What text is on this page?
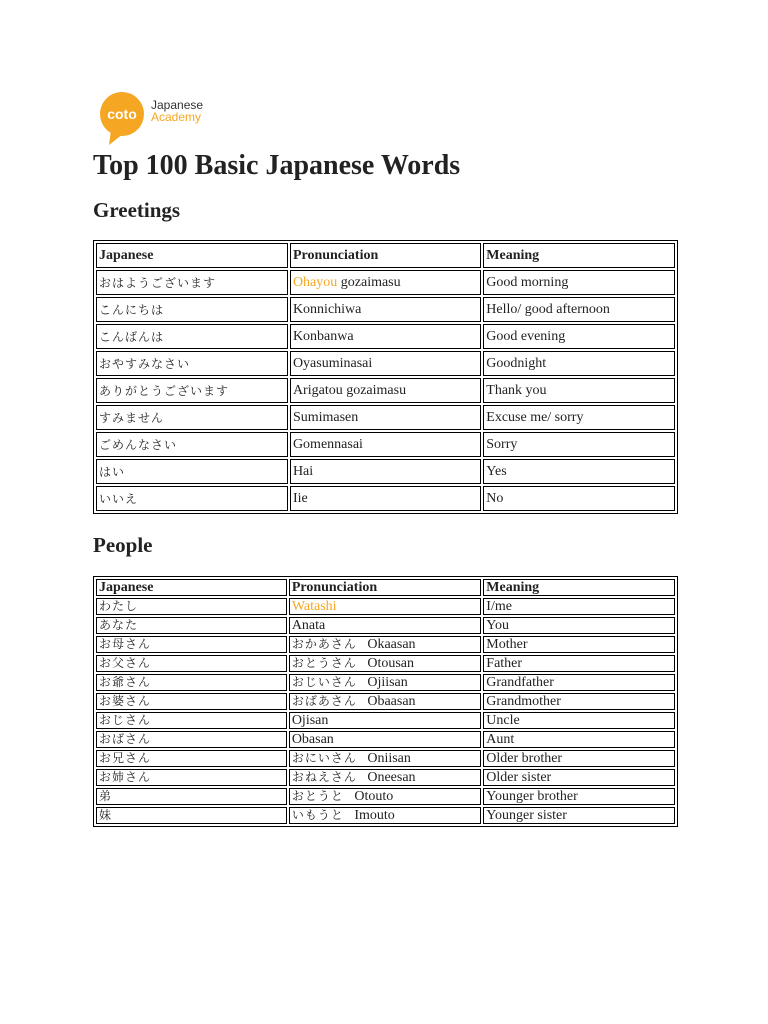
coto
Japanese
Academy
Top 100 Basic Japanese Words
Greetings
Japanese	Pronunciation	Meaning
おはようございます	Ohayou gozaimasu	Good morning
こんにちは	Konnichiwa	Hello/ good afternoon
こんばんは	Konbanwa	Good evening
おやすみなさい	Oyasuminasai	Goodnight
ありがとうございます	Arigatou gozaimasu	Thank you
すみません	Sumimasen	Excuse me/ sorry
ごめんなさい	Gomennasai	Sorry
はい	Hai	Yes
いいえ	Iie	No
People
Japanese	Pronunciation	Meaning
わたし	Watashi	I/me
あなた	Anata	You
お母さん	おかあさん Okaasan	Mother
お父さん	おとうさん Otousan	Father
お爺さん	おじいさん Ojiisan	Grandfather
お婆さん	おばあさん Obaasan	Grandmother
おじさん	Ojisan	Uncle
おばさん	Obasan	Aunt
お兄さん	おにいさん Oniisan	Older brother
お姉さん	おねえさん Oneesan	Older sister
弟	おとうと Otouto	Younger brother
妹	いもうと Imouto	Younger sister
